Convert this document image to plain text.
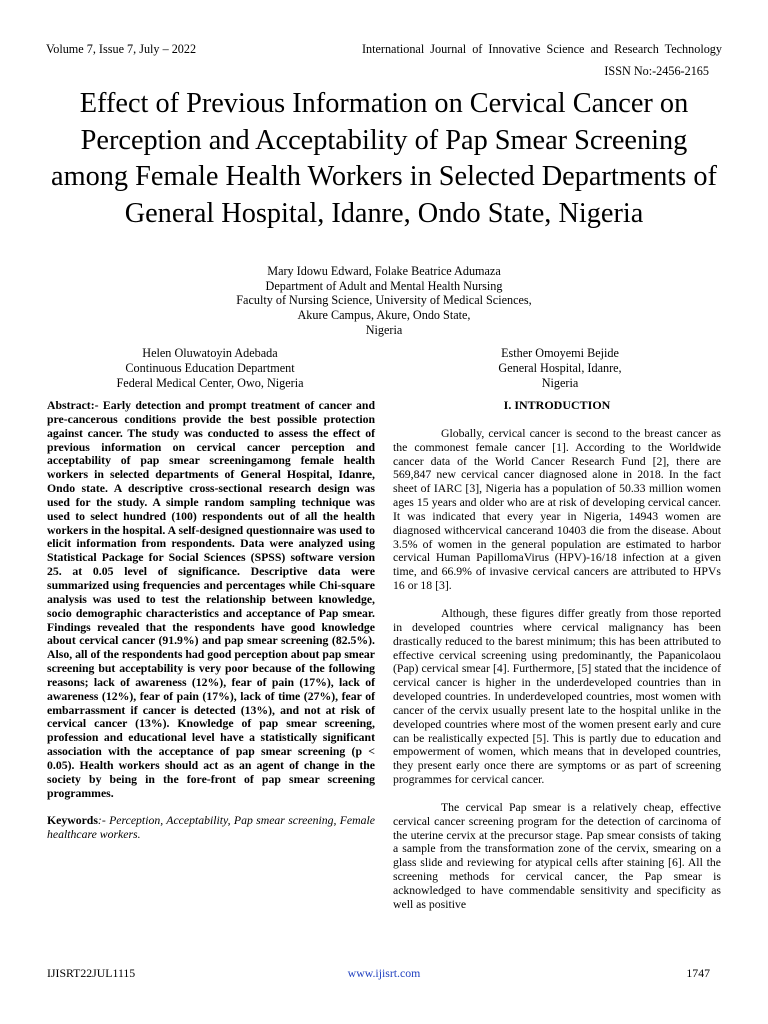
Volume 7, Issue 7, July – 2022	International Journal of Innovative Science and Research Technology
ISSN No:-2456-2165
Effect of Previous Information on Cervical Cancer on Perception and Acceptability of Pap Smear Screening among Female Health Workers in Selected Departments of General Hospital, Idanre, Ondo State, Nigeria
Mary Idowu Edward, Folake Beatrice Adumaza
Department of Adult and Mental Health Nursing
Faculty of Nursing Science, University of Medical Sciences,
Akure Campus, Akure, Ondo State,
Nigeria
Helen Oluwatoyin Adebada
Continuous Education Department
Federal Medical Center, Owo, Nigeria
Esther Omoyemi Bejide
General Hospital, Idanre,
Nigeria

Abstract:- Early detection and prompt treatment of cancer and pre-cancerous conditions provide the best possible protection against cancer. The study was conducted to assess the effect of previous information on cervical cancer perception and acceptability of pap smear screeningamong female health workers in selected departments of General Hospital, Idanre, Ondo state. A descriptive cross-sectional research design was used for the study. A simple random sampling technique was used to select hundred (100) respondents out of all the health workers in the hospital. A self-designed questionnaire was used to elicit information from respondents. Data were analyzed using Statistical Package for Social Sciences (SPSS) software version 25. at 0.05 level of significance. Descriptive data were summarized using frequencies and percentages while Chi-square analysis was used to test the relationship between knowledge, socio demographic characteristics and acceptance of Pap smear. Findings revealed that the respondents have good knowledge about cervical cancer (91.9%) and pap smear screening (82.5%). Also, all of the respondents had good perception about pap smear screening but acceptability is very poor because of the following reasons; lack of awareness (12%), fear of pain (17%), lack of awareness (12%), fear of pain (17%), lack of time (27%), fear of embarrassment if cancer is detected (13%), and not at risk of cervical cancer (13%). Knowledge of pap smear screening, profession and educational level have a statistically significant association with the acceptance of pap smear screening (p < 0.05). Health workers should act as an agent of change in the society by being in the fore-front of pap smear screening programmes.

Keywords:- Perception, Acceptability, Pap smear screening, Female healthcare workers.

I. INTRODUCTION

Globally, cervical cancer is second to the breast cancer as the commonest female cancer [1]. According to the Worldwide cancer data of the World Cancer Research Fund [2], there are 569,847 new cervical cancer diagnosed alone in 2018. In the fact sheet of IARC [3], Nigeria has a population of 50.33 million women ages 15 years and older who are at risk of developing cervical cancer. It was indicated that every year in Nigeria, 14943 women are diagnosed withcervical cancerand 10403 die from the disease. About 3.5% of women in the general population are estimated to harbor cervical Human PapillomaVirus (HPV)-16/18 infection at a given time, and 66.9% of invasive cervical cancers are attributed to HPVs 16 or 18 [3].

Although, these figures differ greatly from those reported in developed countries where cervical malignancy has been drastically reduced to the barest minimum; this has been attributed to effective cervical screening using predominantly, the Papanicolaou (Pap) cervical smear [4]. Furthermore, [5] stated that the incidence of cervical cancer is higher in the underdeveloped countries than in developed countries. In underdeveloped countries, most women with cancer of the cervix usually present late to the hospital unlike in the developed countries where most of the women present early and cure can be realistically expected [5]. This is partly due to education and empowerment of women, which means that in developed countries, they present early once there are symptoms or as part of screening programmes for cervical cancer.

The cervical Pap smear is a relatively cheap, effective cervical cancer screening program for the detection of carcinoma of the uterine cervix at the precursor stage. Pap smear consists of taking a sample from the transformation zone of the cervix, smearing on a glass slide and reviewing for atypical cells after staining [6]. All the screening methods for cervical cancer, the Pap smear is acknowledged to have commendable sensitivity and specificity as well as positive

IJISRT22JUL1115	www.ijisrt.com	1747
